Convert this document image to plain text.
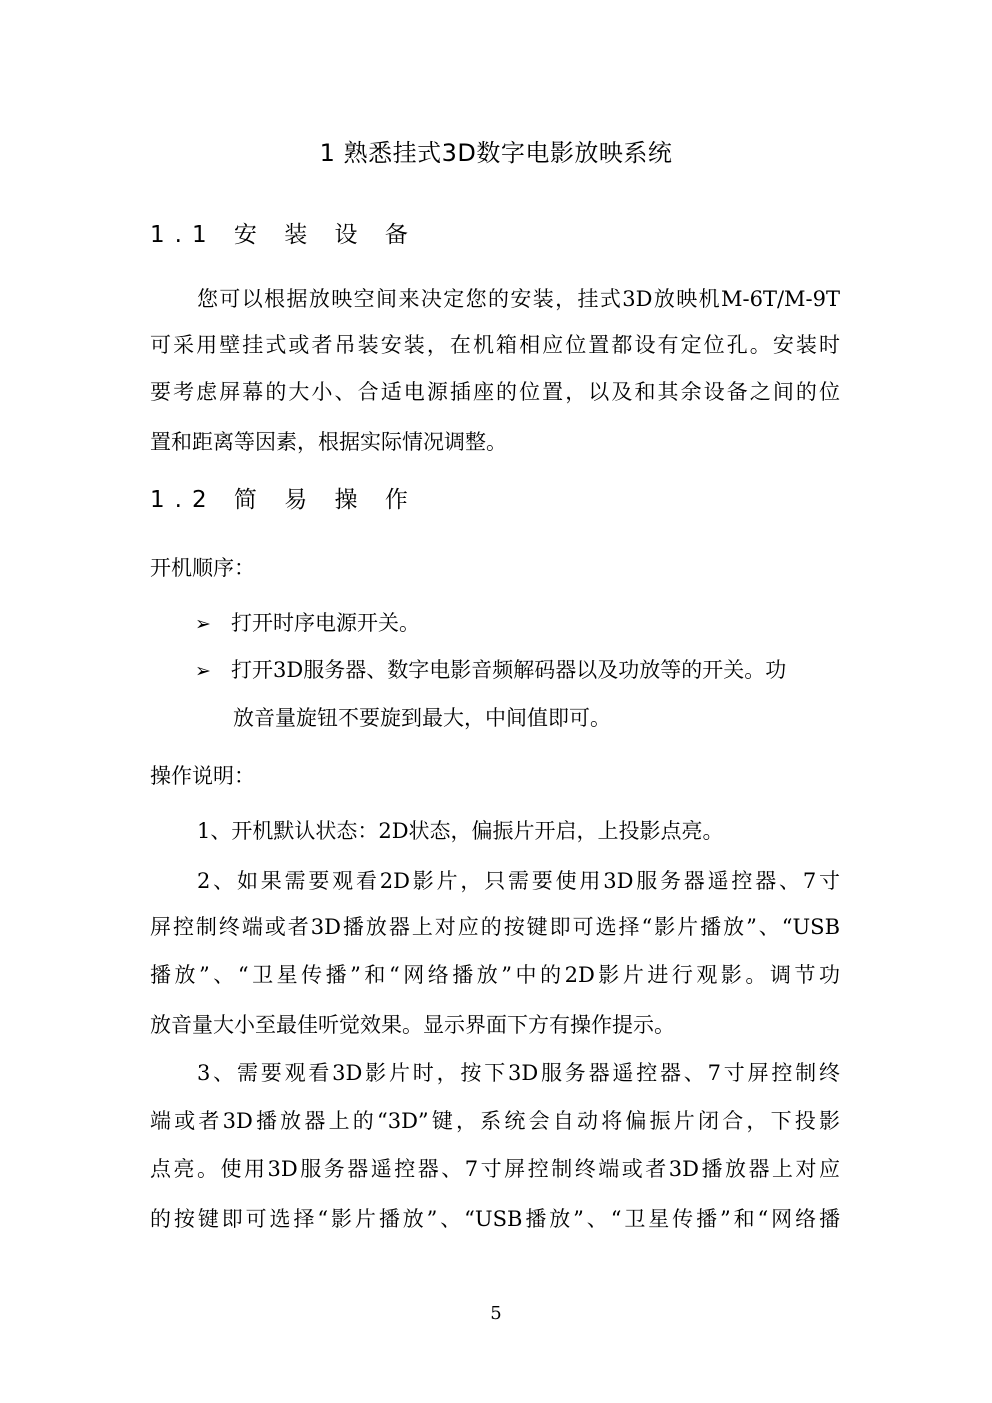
1 熟悉挂式3D数字电影放映系统
1.1 安 装 设 备
您可以根据放映空间来决定您的安装，挂式3D放映机M-6T/M-9T
可采用壁挂式或者吊装安装，在机箱相应位置都设有定位孔。安装时
要考虑屏幕的大小、合适电源插座的位置，以及和其余设备之间的位
置和距离等因素，根据实际情况调整。
1.2 简 易 操 作
开机顺序：
➢ 打开时序电源开关。
➢ 打开3D服务器、数字电影音频解码器以及功放等的开关。功
放音量旋钮不要旋到最大，中间值即可。
操作说明：
1、开机默认状态：2D状态，偏振片开启，上投影点亮。
2、如果需要观看2D影片，只需要使用3D服务器遥控器、7寸
屏控制终端或者3D播放器上对应的按键即可选择“影片播放”、“USB
播放”、“卫星传播”和“网络播放”中的2D影片进行观影。调节功
放音量大小至最佳听觉效果。显示界面下方有操作提示。
3、需要观看3D影片时，按下3D服务器遥控器、7寸屏控制终
端或者3D播放器上的“3D”键，系统会自动将偏振片闭合，下投影
点亮。使用3D服务器遥控器、7寸屏控制终端或者3D播放器上对应
的按键即可选择“影片播放”、“USB播放”、“卫星传播”和“网络播
5
